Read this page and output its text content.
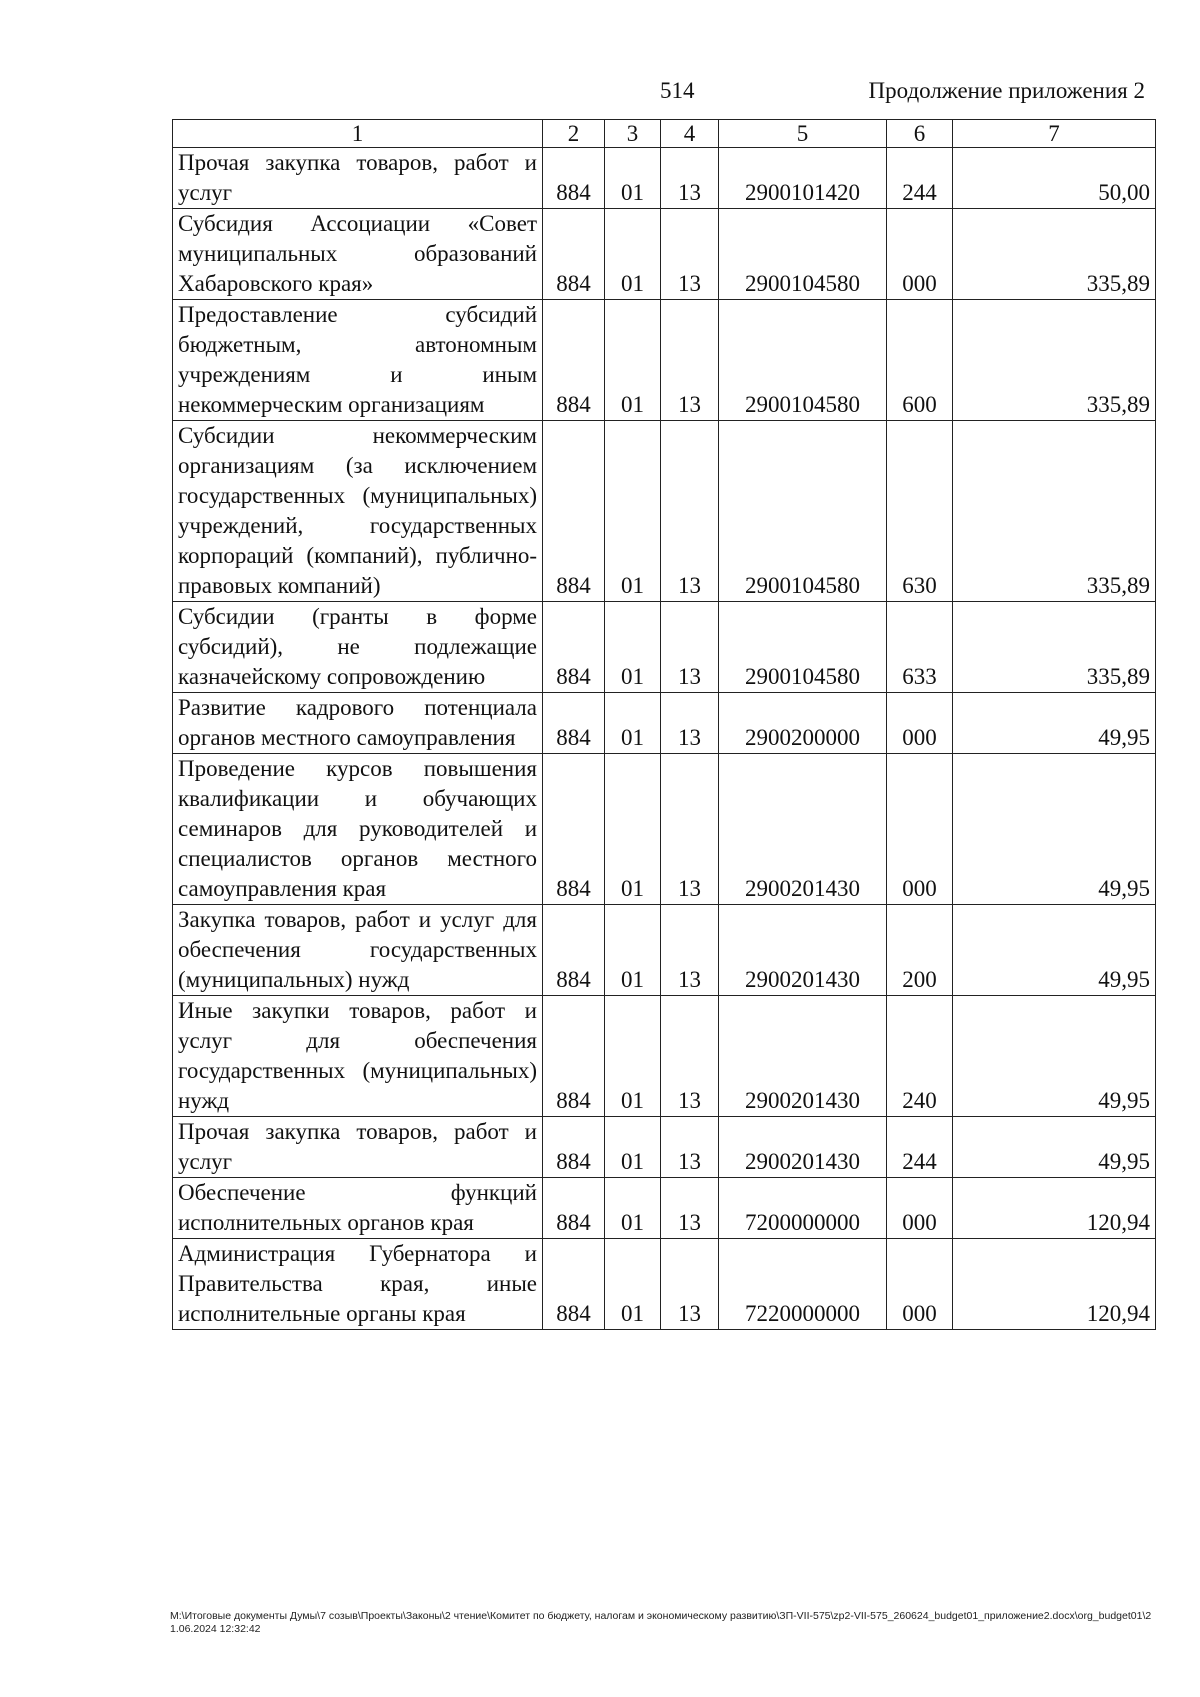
514	Продолжение приложения 2
1	2	3	4	5	6	7
Прочая закупка товаров, работ и услуг	884	01	13	2900101420	244	50,00
Субсидия Ассоциации «Совет муниципальных образований Хабаровского края»	884	01	13	2900104580	000	335,89
Предоставление субсидий бюджетным, автономным учреждениям и иным некоммерческим организациям	884	01	13	2900104580	600	335,89
Субсидии некоммерческим организациям (за исключением государственных (муниципальных) учреждений, государственных корпораций (компаний), публично-правовых компаний)	884	01	13	2900104580	630	335,89
Субсидии (гранты в форме субсидий), не подлежащие казначейскому сопровождению	884	01	13	2900104580	633	335,89
Развитие кадрового потенциала органов местного самоуправления	884	01	13	2900200000	000	49,95
Проведение курсов повышения квалификации и обучающих семинаров для руководителей и специалистов органов местного самоуправления края	884	01	13	2900201430	000	49,95
Закупка товаров, работ и услуг для обеспечения государственных (муниципальных) нужд	884	01	13	2900201430	200	49,95
Иные закупки товаров, работ и услуг для обеспечения государственных (муниципальных) нужд	884	01	13	2900201430	240	49,95
Прочая закупка товаров, работ и услуг	884	01	13	2900201430	244	49,95
Обеспечение функций исполнительных органов края	884	01	13	7200000000	000	120,94
Администрация Губернатора и Правительства края, иные исполнительные органы края	884	01	13	7220000000	000	120,94
M:\Итоговые документы Думы\7 созыв\Проекты\Законы\2 чтение\Комитет по бюджету, налогам и экономическому развитию\ЗП-VII-575\zp2-VII-575_260624_budget01_приложение2.docx\org_budget01\21.06.2024 12:32:42
